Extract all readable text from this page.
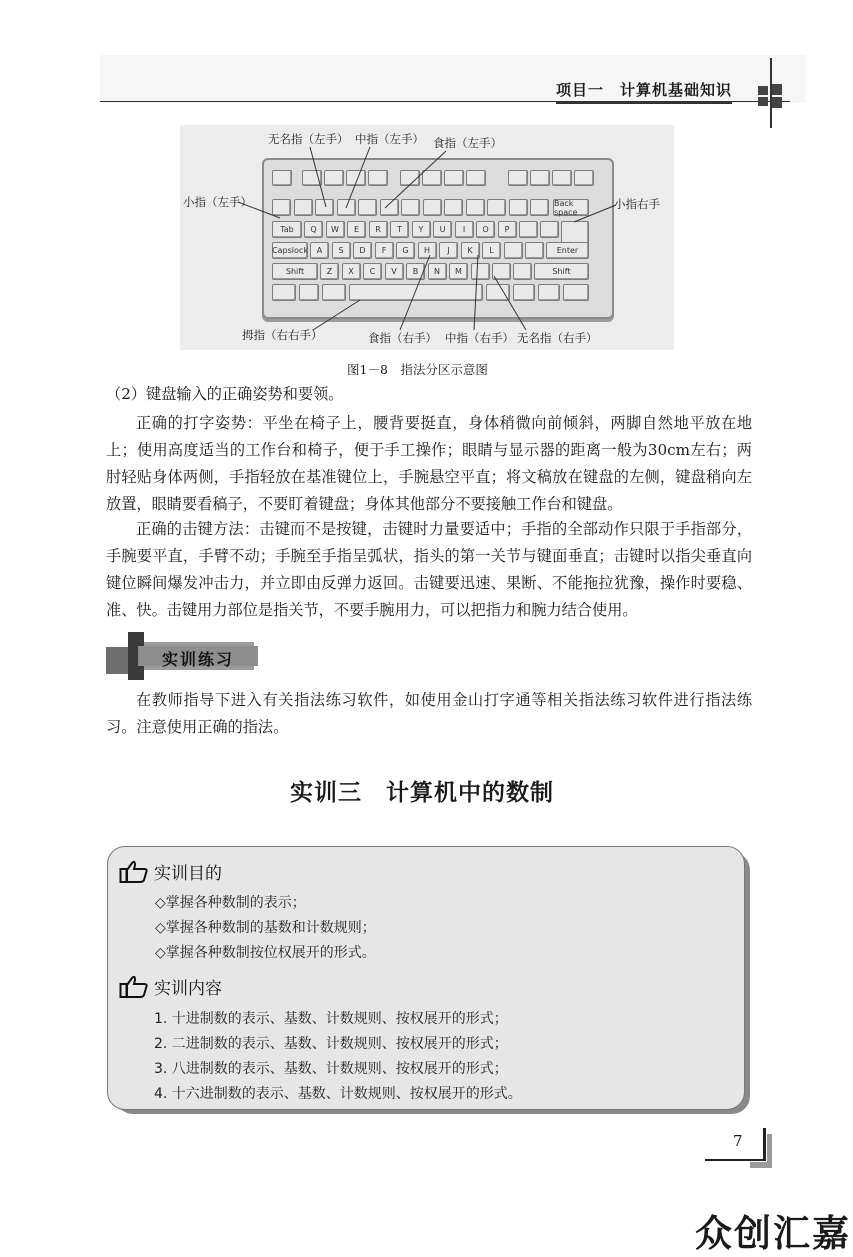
项目一　计算机基础知识
Back space
Tab	Q	W	E	R	T	Y	U	I	O	P
Capslock	A	S	D	F	G	H	J	K	L	Enter
Shift	Z	X	C	V	B	N	M	Shift
无名指（左手） 中指（左手） 食指（左手）
小指（左手）	小指右手
拇指（右右手）	食指（右手） 中指（右手） 无名指（右手）
图1－8　指法分区示意图
（2）键盘输入的正确姿势和要领。
正确的打字姿势：平坐在椅子上，腰背要挺直，身体稍微向前倾斜，两脚自然地平放在地上；使用高度适当的工作台和椅子，便于手工操作；眼睛与显示器的距离一般为30cm左右；两肘轻贴身体两侧，手指轻放在基准键位上，手腕悬空平直；将文稿放在键盘的左侧，键盘稍向左放置，眼睛要看稿子，不要盯着键盘；身体其他部分不要接触工作台和键盘。
正确的击键方法：击键而不是按键，击键时力量要适中；手指的全部动作只限于手指部分，手腕要平直，手臂不动；手腕至手指呈弧状，指头的第一关节与键面垂直；击键时以指尖垂直向键位瞬间爆发冲击力，并立即由反弹力返回。击键要迅速、果断、不能拖拉犹豫，操作时要稳、准、快。击键用力部位是指关节，不要手腕用力，可以把指力和腕力结合使用。
实训练习
在教师指导下进入有关指法练习软件，如使用金山打字通等相关指法练习软件进行指法练习。注意使用正确的指法。
实训三　计算机中的数制
实训目的
◇掌握各种数制的表示；
◇掌握各种数制的基数和计数规则；
◇掌握各种数制按位权展开的形式。
实训内容
1. 十进制数的表示、基数、计数规则、按权展开的形式；
2. 二进制数的表示、基数、计数规则、按权展开的形式；
3. 八进制数的表示、基数、计数规则、按权展开的形式；
4. 十六进制数的表示、基数、计数规则、按权展开的形式。
7
众创汇嘉
